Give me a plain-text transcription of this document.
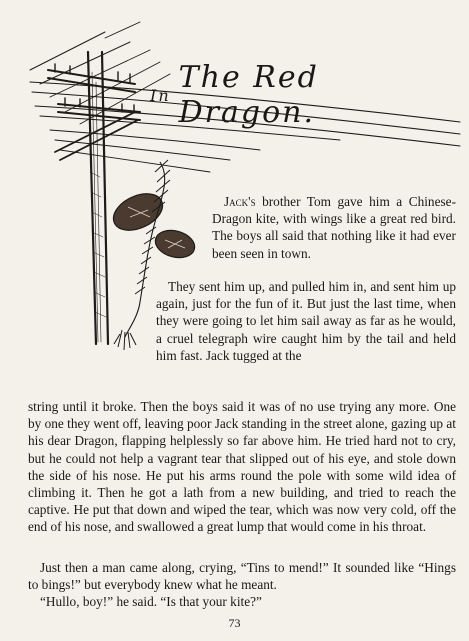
In The Red Dragon.

Jack's brother Tom gave him a Chinese-Dragon kite, with wings like a great red bird. The boys all said that nothing like it had ever been seen in town.

They sent him up, and pulled him in, and sent him up again, just for the fun of it. But just the last time, when they were going to let him sail away as far as he would, a cruel telegraph wire caught him by the tail and held him fast. Jack tugged at the

string until it broke. Then the boys said it was of no use trying any more. One by one they went off, leaving poor Jack standing in the street alone, gazing up at his dear Dragon, flapping helplessly so far above him. He tried hard not to cry, but he could not help a vagrant tear that slipped out of his eye, and stole down the side of his nose. He put his arms round the pole with some wild idea of climbing it. Then he got a lath from a new building, and tried to reach the captive. He put that down and wiped the tear, which was now very cold, off the end of his nose, and swallowed a great lump that would come in his throat.

Just then a man came along, crying, “Tins to mend!” It sounded like “Hings to bings!” but everybody knew what he meant.

“Hullo, boy!” he said. “Is that your kite?”

73
